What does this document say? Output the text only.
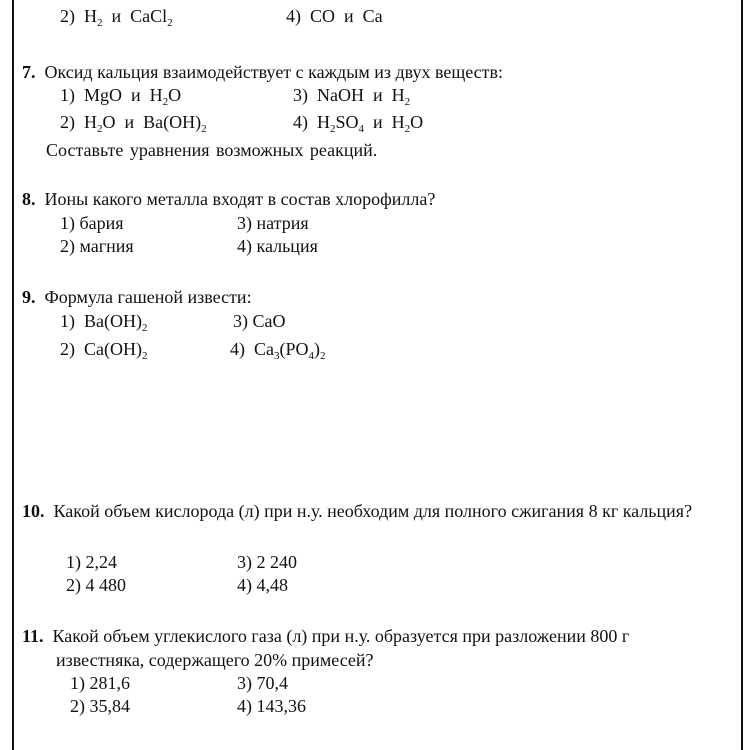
2) $H_2$ и CaCl$_2$	4) CO и Ca
7. Оксид кальция взаимодействует с каждым из двух веществ:
1) MgO и $H_2O$	3) NaOH и $H_2$
2) $H_2O$ и $Ba(OH)_2$	4) $H_2SO_4$ и $H_2O$
Составьте уравнения возможных реакций.
8. Ионы какого металла входят в состав хлорофилла?
1) бария	3) натрия
2) магния	4) кальция
9. Формула гашеной извести:
1) $Ba(OH)_2$	3) CaO
2) $Ca(OH)_2$	4) $Ca_3(PO_4)_2$
10. Какой объем кислорода (л) при н.у. необходим для полного сжигания 8 кг кальция?
1) 2,24	3) 2 240
2) 4 480	4) 4,48
11. Какой объем углекислого газа (л) при н.у. образуется при разложении 800 г
известняка, содержащего 20% примесей?
1) 281,6	3) 70,4
2) 35,84	4) 143,36
